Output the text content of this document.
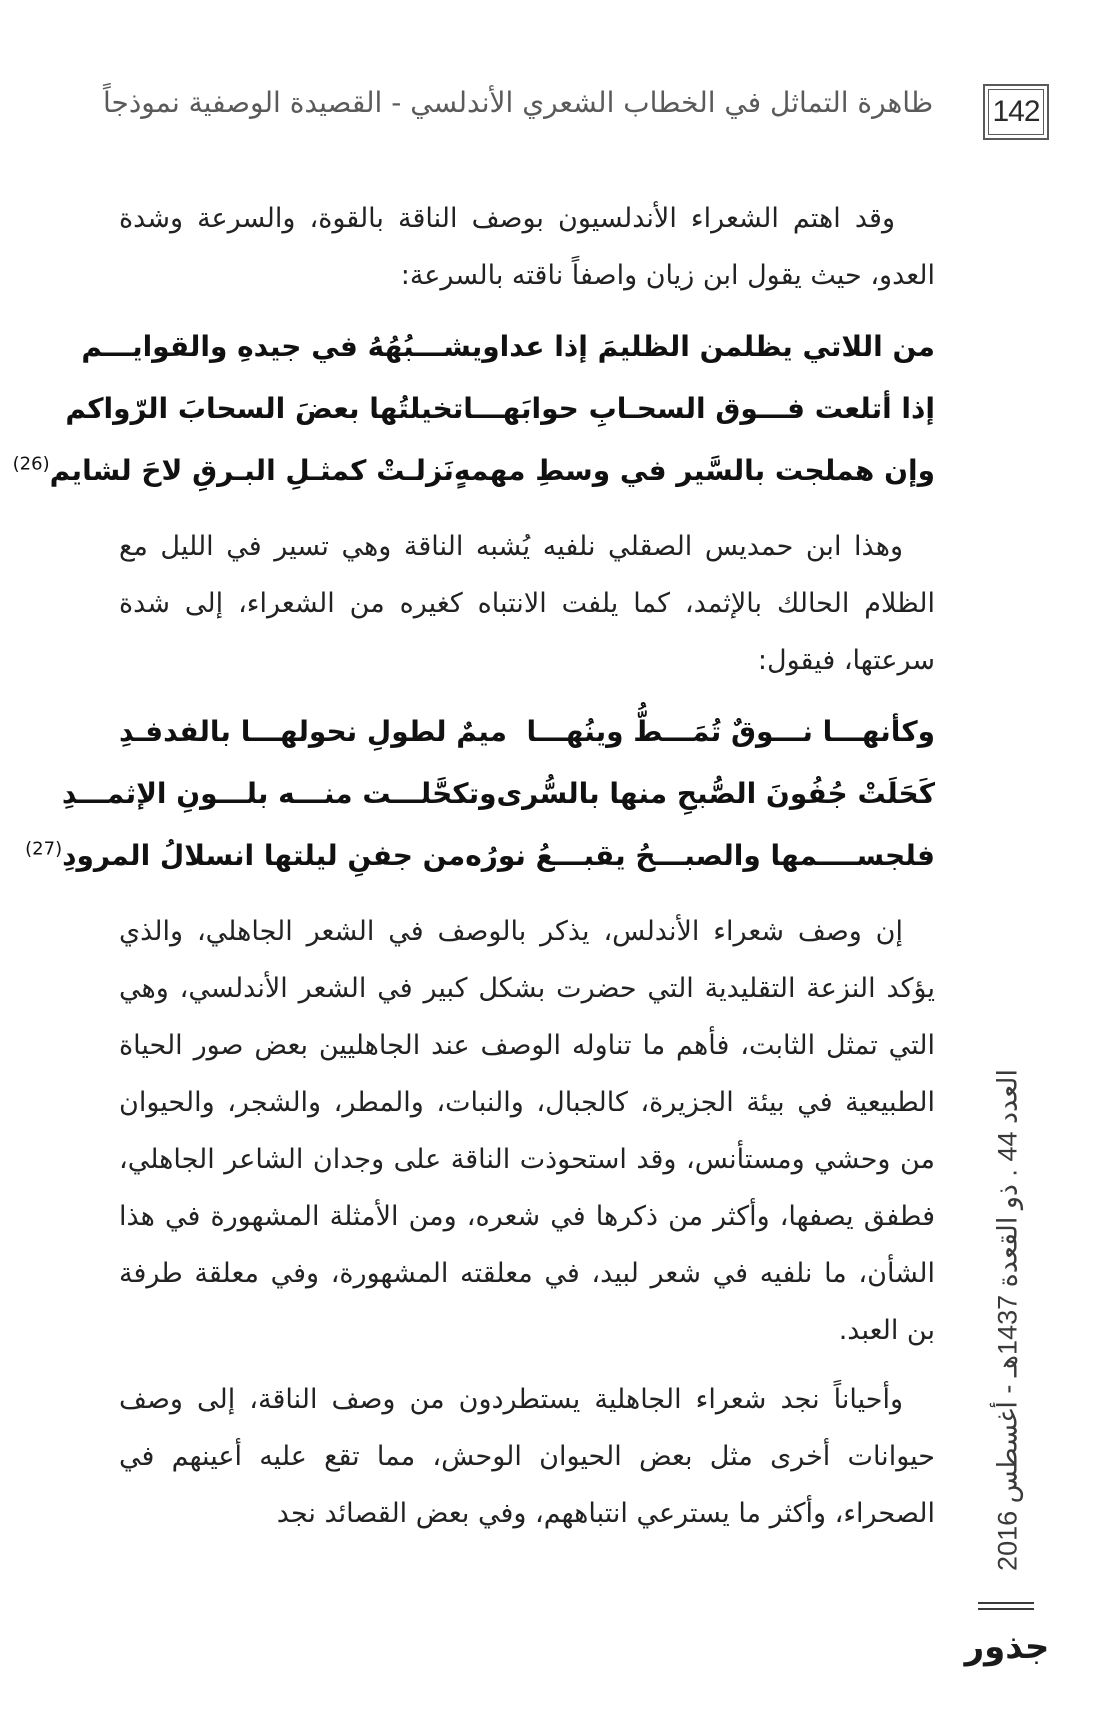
142
ظاهرة التماثل في الخطاب الشعري الأندلسي - القصيدة الوصفية نموذجاً

وقد اهتم الشعراء الأندلسيون بوصف الناقة بالقوة، والسرعة وشدة العدو، حيث يقول ابن زيان واصفاً ناقته بالسرعة:

من اللاتي يظلمن الظليمَ إذا عدا
ويشـــبُهُهُ في جيدهِ والقوايـــم
إذا أتلعت فـــوق السحـابِ حوابَهـــا
تخيلتُها بعضَ السحابَ الرّواكم
وإن هملجت بالسَّير في وسطِ مهمهٍ
نَزلـتْ كمثـلِ البـرقِ لاحَ لشايم$^{(26)}$

وهذا ابن حمديس الصقلي نلفيه يُشبه الناقة وهي تسير في الليل مع الظلام الحالك بالإثمد، كما يلفت الانتباه كغيره من الشعراء، إلى شدة سرعتها، فيقول:

وكأنهـــا نـــوقٌ تُمَـــطُّ وينُهـــا
ميمٌ لطولِ نحولهـــا بالفدفـدِ
كَحَلَتْ جُفُونَ الصُّبحِ منها بالسُّرى
وتكحَّلـــت منـــه بلـــونِ الإثمـــدِ
فلجســــمها والصبـــحُ يقبـــعُ نورُه
من جفنِ ليلتها انسلالُ المرودِ$^{(27)}$

إن وصف شعراء الأندلس، يذكر بالوصف في الشعر الجاهلي، والذي يؤكد النزعة التقليدية التي حضرت بشكل كبير في الشعر الأندلسي، وهي التي تمثل الثابت، فأهم ما تناوله الوصف عند الجاهليين بعض صور الحياة الطبيعية في بيئة الجزيرة، كالجبال، والنبات، والمطر، والشجر، والحيوان من وحشي ومستأنس، وقد استحوذت الناقة على وجدان الشاعر الجاهلي، فطفق يصفها، وأكثر من ذكرها في شعره، ومن الأمثلة المشهورة في هذا الشأن، ما نلفيه في شعر لبيد، في معلقته المشهورة، وفي معلقة طرفة بن العبد.

وأحياناً نجد شعراء الجاهلية يستطردون من وصف الناقة، إلى وصف حيوانات أخرى مثل بعض الحيوان الوحش، مما تقع عليه أعينهم في الصحراء، وأكثر ما يسترعي انتباههم، وفي بعض القصائد نجد العدد 44 . ذو القعدة 1437هـ - أغسطس 2016
جذور
